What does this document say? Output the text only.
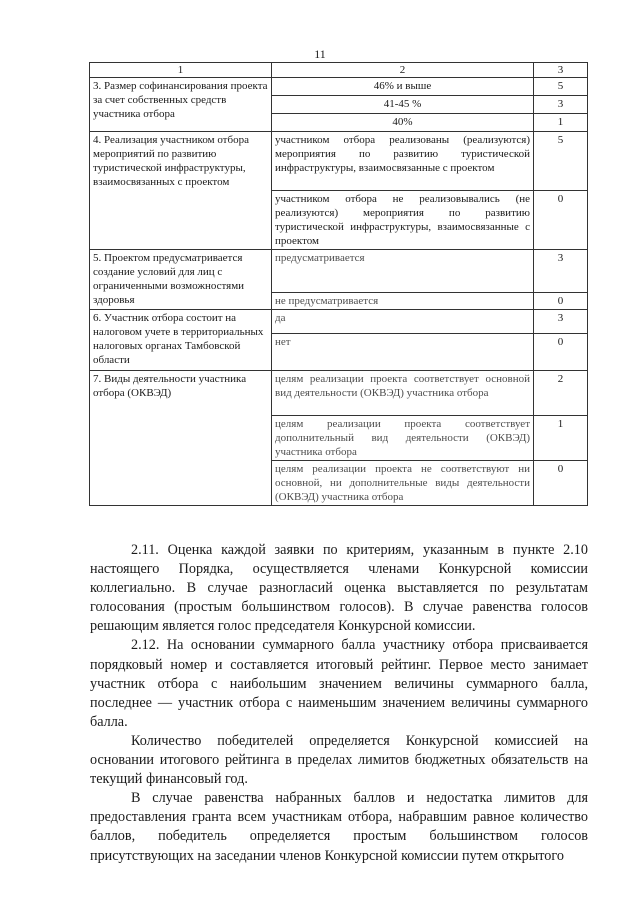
11
1	2	3
3. Размер софинансирования проекта за счет собственных средств участника отбора	46% и выше	5
	41-45 %	3
	40%	1
4. Реализация участником отбора мероприятий по развитию туристической инфраструктуры, взаимосвязанных с проектом	участником отбора реализованы (реализуются) мероприятия по развитию туристической инфраструктуры, взаимосвязанные с проектом	5
	участником отбора не реализовывались (не реализуются) мероприятия по развитию туристической инфраструктуры, взаимосвязанные с проектом	0
5. Проектом предусматривается создание условий для лиц с ограниченными возможностями здоровья	предусматривается	3
	не предусматривается	0
6. Участник отбора состоит на налоговом учете в территориальных налоговых органах Тамбовской области	да	3
	нет	0
7. Виды деятельности участника отбора (ОКВЭД)	целям реализации проекта соответствует основной вид деятельности (ОКВЭД) участника отбора	2
	целям реализации проекта соответствует дополнительный вид деятельности (ОКВЭД) участника отбора	1
	целям реализации проекта не соответствуют ни основной, ни дополнительные виды деятельности (ОКВЭД) участника отбора	0

2.11. Оценка каждой заявки по критериям, указанным в пункте 2.10 настоящего Порядка, осуществляется членами Конкурсной комиссии коллегиально. В случае разногласий оценка выставляется по результатам голосования (простым большинством голосов). В случае равенства голосов решающим является голос председателя Конкурсной комиссии.

2.12. На основании суммарного балла участнику отбора присваивается порядковый номер и составляется итоговый рейтинг. Первое место занимает участник отбора с наибольшим значением величины суммарного балла, последнее — участник отбора с наименьшим значением величины суммарного балла.

Количество победителей определяется Конкурсной комиссией на основании итогового рейтинга в пределах лимитов бюджетных обязательств на текущий финансовый год.

В случае равенства набранных баллов и недостатка лимитов для предоставления гранта всем участникам отбора, набравшим равное количество баллов, победитель определяется простым большинством голосов присутствующих на заседании членов Конкурсной комиссии путем открытого
